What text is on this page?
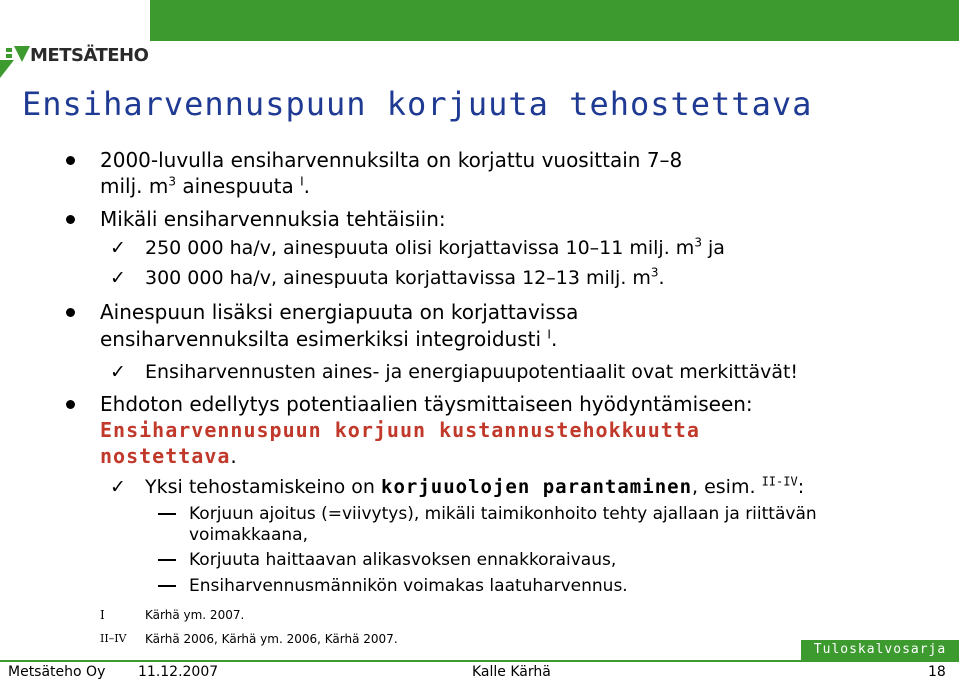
METSÄTEHO
Ensiharvennuspuun korjuuta tehostettava
2000-luvulla ensiharvennuksilta on korjattu vuosittain 7–8
milj. $m^3$ ainespuuta $^I$.
Mikäli ensiharvennuksia tehtäisiin:
✓ 250 000 ha/v, ainespuuta olisi korjattavissa 10–11 milj. $m^3$ ja
✓ 300 000 ha/v, ainespuuta korjattavissa 12–13 milj. $m^3$.
Ainespuun lisäksi energiapuuta on korjattavissa
ensiharvennuksilta esimerkiksi integroidusti $^I$.
✓ Ensiharvennusten aines- ja energiapuupotentiaalit ovat merkittävät!
Ehdoton edellytys potentiaalien täysmittaiseen hyödyntämiseen:
Ensiharvennuspuun korjuun kustannustehokkuutta
nostettava.
✓ Yksi tehostamiskeino on korjuuolojen parantaminen, esim. $^{II-IV}$:
Korjuun ajoitus (=viivytys), mikäli taimikonhoito tehty ajallaan ja riittävän
voimakkaana,
Korjuuta haittaavan alikasvoksen ennakkoraivaus,
Ensiharvennusmännikön voimakas laatuharvennus.
I	Kärhä ym. 2007.
II–IV Kärhä 2006, Kärhä ym. 2006, Kärhä 2007.
Tuloskalvosarja
Metsäteho Oy 11.12.2007	Kalle Kärhä	18
